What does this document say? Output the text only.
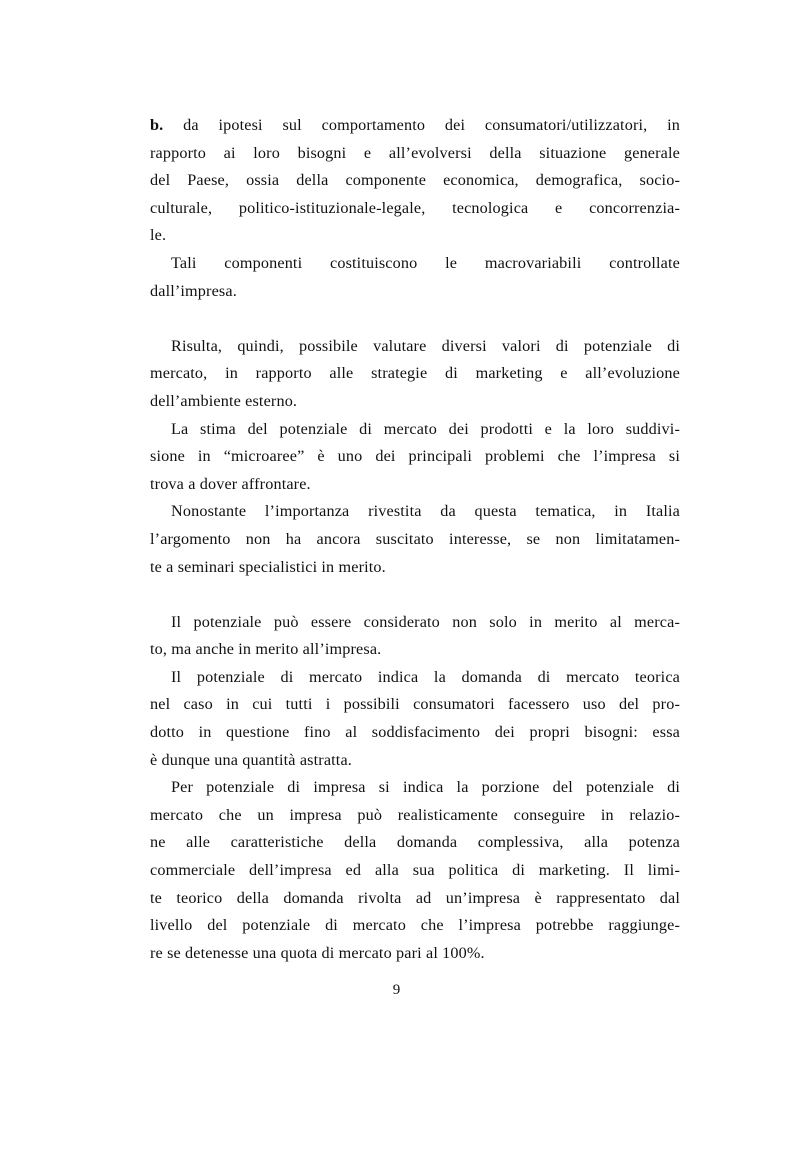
b. da ipotesi sul comportamento dei consumatori/utilizzatori, in
rapporto ai loro bisogni e all’evolversi della situazione generale
del Paese, ossia della componente economica, demografica, socio-
culturale, politico-istituzionale-legale, tecnologica e concorrenzia-
le.
Tali componenti costituiscono le macrovariabili controllate
dall’impresa.
Risulta, quindi, possibile valutare diversi valori di potenziale di
mercato, in rapporto alle strategie di marketing e all’evoluzione
dell’ambiente esterno.
La stima del potenziale di mercato dei prodotti e la loro suddivi-
sione in “microaree” è uno dei principali problemi che l’impresa si
trova a dover affrontare.
Nonostante l’importanza rivestita da questa tematica, in Italia
l’argomento non ha ancora suscitato interesse, se non limitatamen-
te a seminari specialistici in merito.
Il potenziale può essere considerato non solo in merito al merca-
to, ma anche in merito all’impresa.
Il potenziale di mercato indica la domanda di mercato teorica
nel caso in cui tutti i possibili consumatori facessero uso del pro-
dotto in questione fino al soddisfacimento dei propri bisogni: essa
è dunque una quantità astratta.
Per potenziale di impresa si indica la porzione del potenziale di
mercato che un impresa può realisticamente conseguire in relazio-
ne alle caratteristiche della domanda complessiva, alla potenza
commerciale dell’impresa ed alla sua politica di marketing. Il limi-
te teorico della domanda rivolta ad un’impresa è rappresentato dal
livello del potenziale di mercato che l’impresa potrebbe raggiunge-
re se detenesse una quota di mercato pari al 100%.
9
